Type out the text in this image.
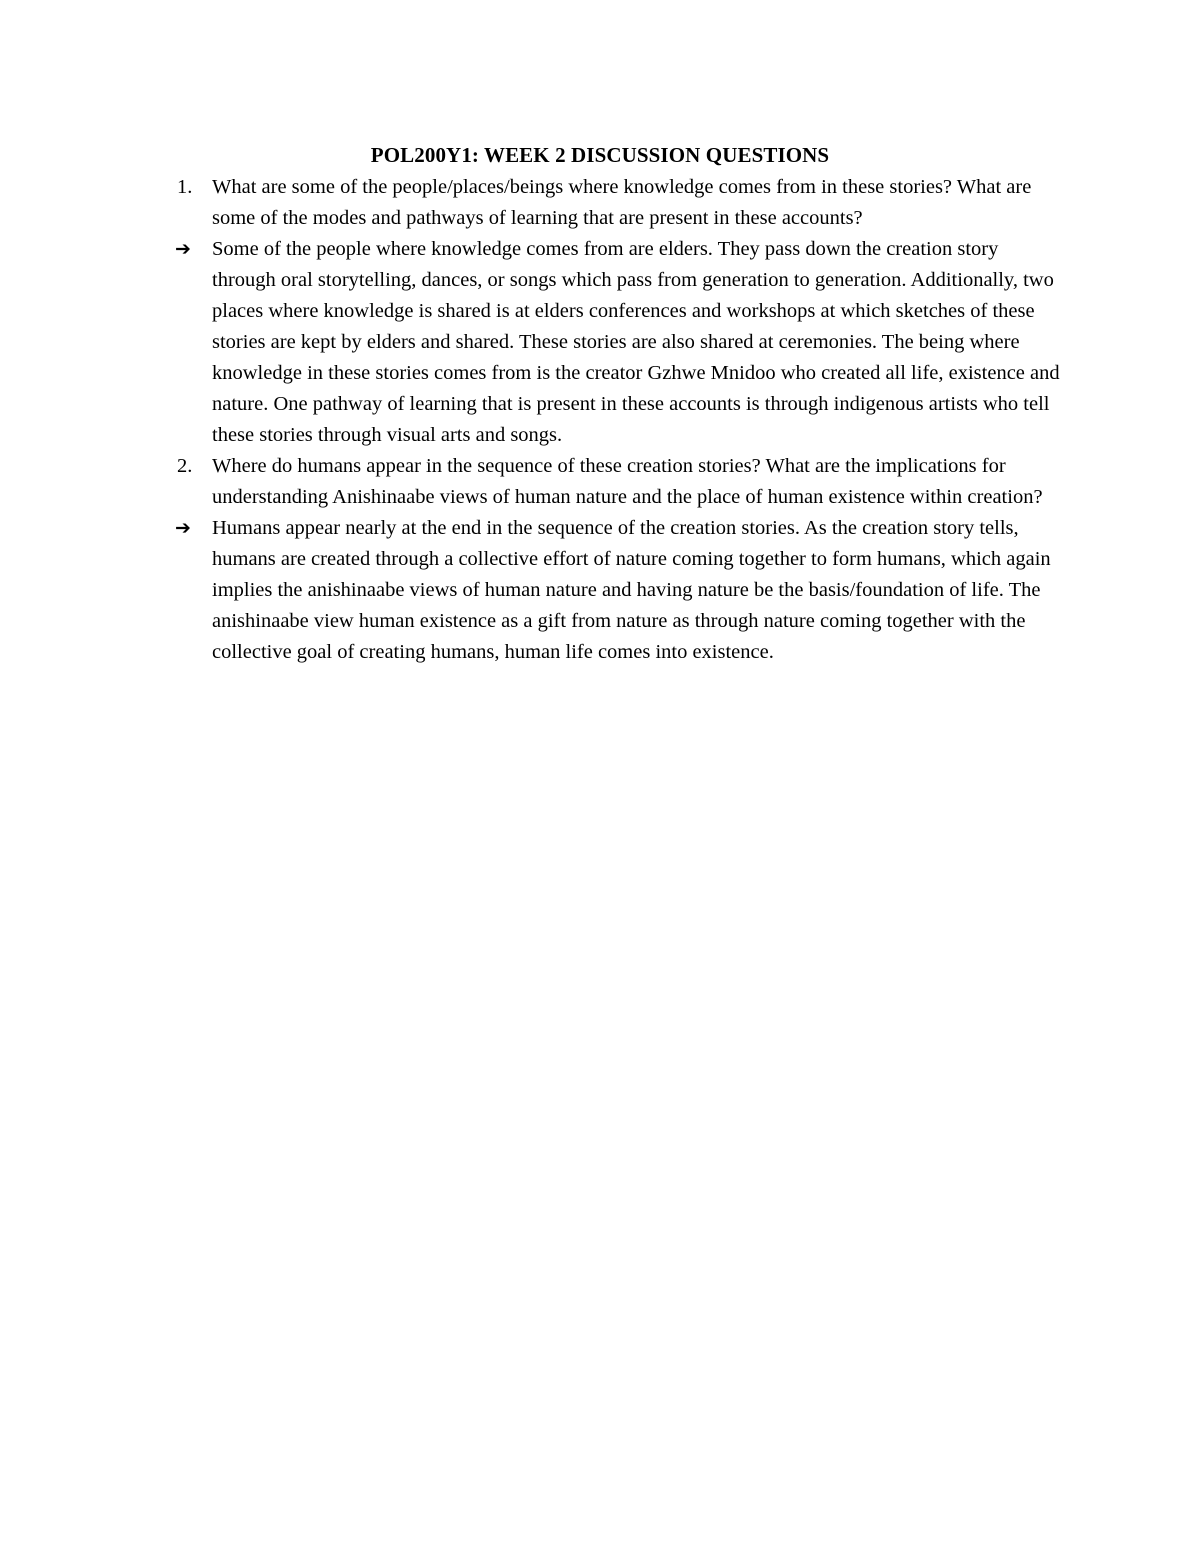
POL200Y1: WEEK 2 DISCUSSION QUESTIONS
1. What are some of the people/places/beings where knowledge comes from in these stories? What are some of the modes and pathways of learning that are present in these accounts?
➔	Some of the people where knowledge comes from are elders. They pass down the creation story through oral storytelling, dances, or songs which pass from generation to generation. Additionally, two places where knowledge is shared is at elders conferences and workshops at which sketches of these stories are kept by elders and shared. These stories are also shared at ceremonies. The being where knowledge in these stories comes from is the creator Gzhwe Mnidoo who created all life, existence and nature. One pathway of learning that is present in these accounts is through indigenous artists who tell these stories through visual arts and songs.
2. Where do humans appear in the sequence of these creation stories? What are the implications for understanding Anishinaabe views of human nature and the place of human existence within creation?
➔	Humans appear nearly at the end in the sequence of the creation stories. As the creation story tells, humans are created through a collective effort of nature coming together to form humans, which again implies the anishinaabe views of human nature and having nature be the basis/foundation of life. The anishinaabe view human existence as a gift from nature as through nature coming together with the collective goal of creating humans, human life comes into existence.
